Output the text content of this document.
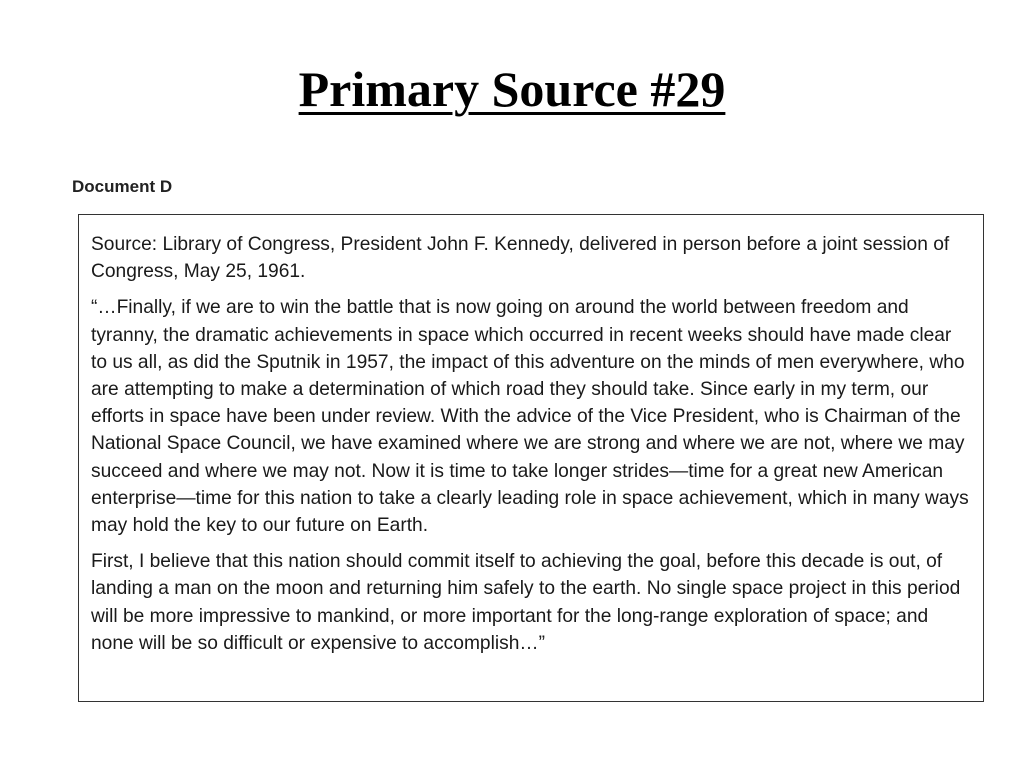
Primary Source #29
Document D

Source: Library of Congress, President John F. Kennedy, delivered in person before a joint session of Congress, May 25, 1961.

“…Finally, if we are to win the battle that is now going on around the world between freedom and tyranny, the dramatic achievements in space which occurred in recent weeks should have made clear to us all, as did the Sputnik in 1957, the impact of this adventure on the minds of men everywhere, who are attempting to make a determination of which road they should take. Since early in my term, our efforts in space have been under review. With the advice of the Vice President, who is Chairman of the National Space Council, we have examined where we are strong and where we are not, where we may succeed and where we may not. Now it is time to take longer strides—time for a great new American enterprise—time for this nation to take a clearly leading role in space achievement, which in many ways may hold the key to our future on Earth.

First, I believe that this nation should commit itself to achieving the goal, before this decade is out, of landing a man on the moon and returning him safely to the earth. No single space project in this period will be more impressive to mankind, or more important for the long-range exploration of space; and none will be so difficult or expensive to accomplish…”
